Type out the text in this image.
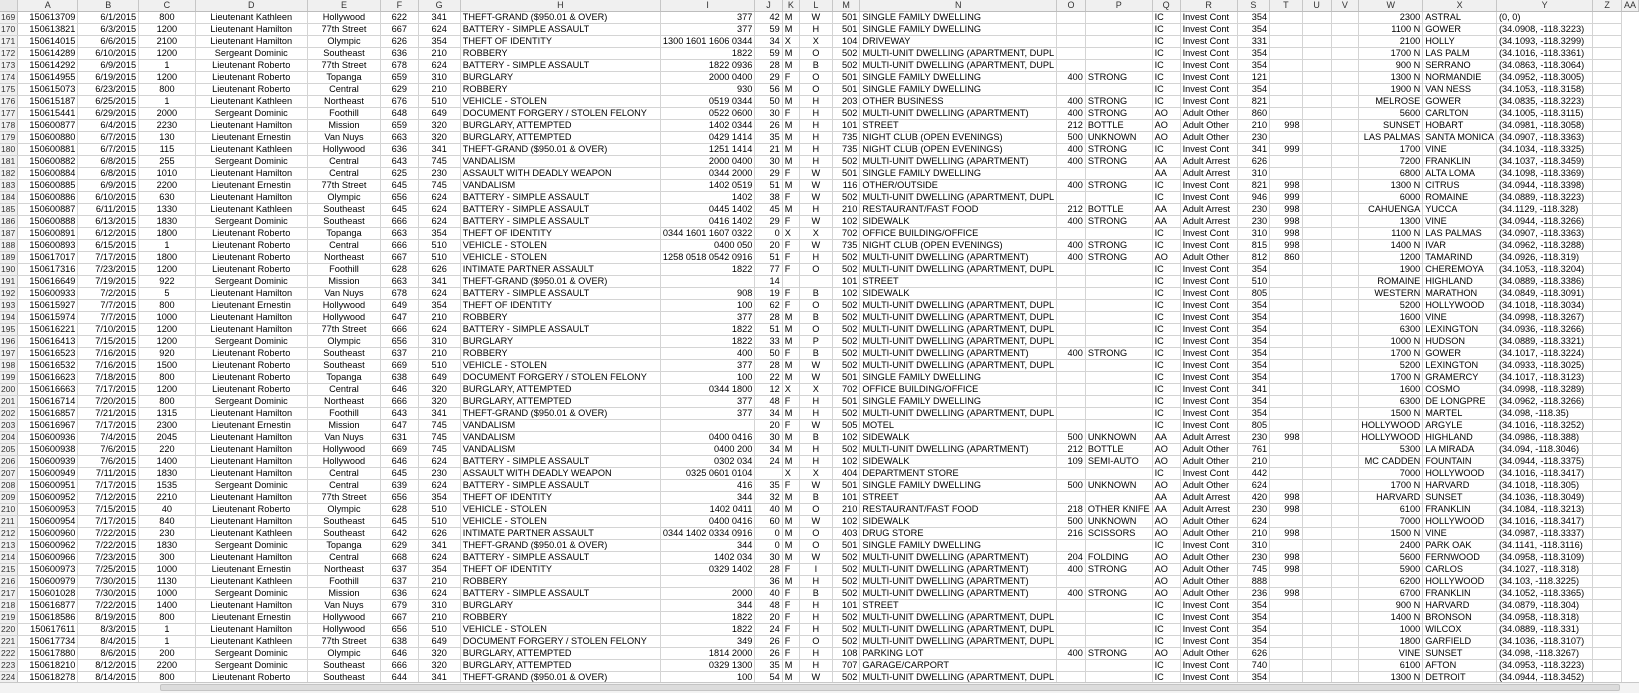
	A	B	C	D	E	F	G	H	I	J	K	L	M	N	O	P	Q	R	S	T	U	V	W	X	Y	Z	AA
169	150613709	6/1/2015	800	Lieutenant Kathleen	Hollywood	622	341	THEFT-GRAND ($950.01 & OVER)	377	42	M	W	501	SINGLE FAMILY DWELLING			IC	Invest Cont	354				2300	ASTRAL	(0, 0)		
170	150613821	6/3/2015	1200	Lieutenant Hamilton	77th Street	667	624	BATTERY - SIMPLE ASSAULT	377	59	M	H	501	SINGLE FAMILY DWELLING			IC	Invest Cont	354				1100 N	GOWER	(34.0908, -118.3223)		
171	150614015	6/6/2015	2100	Lieutenant Hamilton	Olympic	626	354	THEFT OF IDENTITY	1300 1601 1606 0344	34	X	X	104	DRIVEWAY			IC	Invest Cont	331				2100	HOLLY	(34.1093, -118.3299)		
172	150614289	6/10/2015	1200	Sergeant Dominic	Southeast	636	210	ROBBERY	1822	59	M	O	502	MULTI-UNIT DWELLING (APARTMENT, DUPL			IC	Invest Cont	354				1700 N	LAS PALM	(34.1016, -118.3361)		
173	150614292	6/9/2015	1	Lieutenant Roberto	77th Street	678	624	BATTERY - SIMPLE ASSAULT	1822 0936	28	M	B	502	MULTI-UNIT DWELLING (APARTMENT, DUPL			IC	Invest Cont	354				900 N	SERRANO	(34.0863, -118.3064)		
174	150614955	6/19/2015	1200	Lieutenant Roberto	Topanga	659	310	BURGLARY	2000 0400	29	F	O	501	SINGLE FAMILY DWELLING	400	STRONG	IC	Invest Cont	121				1300 N	NORMANDIE	(34.0952, -118.3005)		
175	150615073	6/23/2015	800	Lieutenant Roberto	Central	629	210	ROBBERY	930	56	M	O	501	SINGLE FAMILY DWELLING			IC	Invest Cont	354				1900 N	VAN NESS	(34.1053, -118.3158)		
176	150615187	6/25/2015	1	Lieutenant Kathleen	Northeast	676	510	VEHICLE - STOLEN	0519 0344	50	M	H	203	OTHER BUSINESS	400	STRONG	IC	Invest Cont	821				MELROSE	GOWER	(34.0835, -118.3223)		
177	150615441	6/29/2015	2000	Sergeant Dominic	Foothill	648	649	DOCUMENT FORGERY / STOLEN FELONY	0522 0600	30	F	H	502	MULTI-UNIT DWELLING (APARTMENT)	400	STRONG	AO	Adult Other	860				5600	CARLTON	(34.1005, -118.3115)		
178	150600877	6/4/2015	2230	Lieutenant Hamilton	Mission	659	320	BURGLARY, ATTEMPTED	1402 0344	26	M	H	101	STREET	212	BOTTLE	AO	Adult Other	210	998			SUNSET	HOBART	(34.0981, -118.3058)		
179	150600880	6/7/2015	130	Lieutenant Ernestin	Van Nuys	663	320	BURGLARY, ATTEMPTED	0429 1414	35	M	H	735	NIGHT CLUB (OPEN EVENINGS)	500	UNKNOWN	AO	Adult Other	230				LAS PALMAS	SANTA MONICA	(34.0907, -118.3363)		
180	150600881	6/7/2015	115	Lieutenant Kathleen	Hollywood	636	341	THEFT-GRAND ($950.01 & OVER)	1251 1414	21	M	H	735	NIGHT CLUB (OPEN EVENINGS)	400	STRONG	IC	Invest Cont	341	999			1700	VINE	(34.1034, -118.3325)		
181	150600882	6/8/2015	255	Sergeant Dominic	Central	643	745	VANDALISM	2000 0400	30	M	H	502	MULTI-UNIT DWELLING (APARTMENT)	400	STRONG	AA	Adult Arrest	626				7200	FRANKLIN	(34.1037, -118.3459)		
182	150600884	6/8/2015	1010	Lieutenant Hamilton	Central	625	230	ASSAULT WITH DEADLY WEAPON	0344 2000	29	F	W	501	SINGLE FAMILY DWELLING			AA	Adult Arrest	310				6800	ALTA LOMA	(34.1098, -118.3369)		
183	150600885	6/9/2015	2200	Lieutenant Ernestin	77th Street	645	745	VANDALISM	1402 0519	51	M	W	116	OTHER/OUTSIDE	400	STRONG	IC	Invest Cont	821	998			1300 N	CITRUS	(34.0944, -118.3398)		
184	150600886	6/10/2015	630	Lieutenant Hamilton	Olympic	656	624	BATTERY - SIMPLE ASSAULT	1402	38	F	W	502	MULTI-UNIT DWELLING (APARTMENT, DUPL			IC	Invest Cont	946	999			6000	ROMAINE	(34.0889, -118.3223)		
185	150600887	6/11/2015	1330	Lieutenant Kathleen	Southeast	645	624	BATTERY - SIMPLE ASSAULT	0445 1402	45	M	H	210	RESTAURANT/FAST FOOD	212	BOTTLE	AA	Adult Arrest	230	998			CAHUENGA	YUCCA	(34.1129, -118.328)		
186	150600888	6/13/2015	1830	Sergeant Dominic	Southeast	666	624	BATTERY - SIMPLE ASSAULT	0416 1402	29	F	W	102	SIDEWALK	400	STRONG	AA	Adult Arrest	230	998			1300	VINE	(34.0944, -118.3266)		
187	150600891	6/12/2015	1800	Lieutenant Roberto	Topanga	663	354	THEFT OF IDENTITY	0344 1601 1607 0322	0	X	X	702	OFFICE BUILDING/OFFICE			IC	Invest Cont	310	998			1100 N	LAS PALMAS	(34.0907, -118.3363)		
188	150600893	6/15/2015	1	Lieutenant Roberto	Central	666	510	VEHICLE - STOLEN	0400 050	20	F	W	735	NIGHT CLUB (OPEN EVENINGS)	400	STRONG	IC	Invest Cont	815	998			1400 N	IVAR	(34.0962, -118.3288)		
189	150617017	7/17/2015	1800	Lieutenant Roberto	Northeast	667	510	VEHICLE - STOLEN	1258 0518 0542 0916	51	F	H	502	MULTI-UNIT DWELLING (APARTMENT)	400	STRONG	AO	Adult Other	812	860			1200	TAMARIND	(34.0926, -118.319)		
190	150617316	7/23/2015	1200	Lieutenant Roberto	Foothill	628	626	INTIMATE PARTNER ASSAULT	1822	77	F	O	502	MULTI-UNIT DWELLING (APARTMENT, DUPL			IC	Invest Cont	354				1900	CHEREMOYA	(34.1053, -118.3204)		
191	150616649	7/19/2015	922	Sergeant Dominic	Mission	663	341	THEFT-GRAND ($950.01 & OVER)		14			101	STREET			IC	Invest Cont	510				ROMAINE	HIGHLAND	(34.0889, -118.3386)		
192	150600933	7/2/2015	5	Lieutenant Hamilton	Van Nuys	678	624	BATTERY - SIMPLE ASSAULT	908	19	F	B	102	SIDEWALK			IC	Invest Cont	805				WESTERN	MARATHON	(34.0849, -118.3091)		
193	150615927	7/7/2015	800	Lieutenant Ernestin	Hollywood	649	354	THEFT OF IDENTITY	100	62	F	O	502	MULTI-UNIT DWELLING (APARTMENT, DUPL			IC	Invest Cont	354				5200	HOLLYWOOD	(34.1018, -118.3034)		
194	150615974	7/7/2015	1000	Lieutenant Hamilton	Hollywood	647	210	ROBBERY	377	28	M	B	502	MULTI-UNIT DWELLING (APARTMENT, DUPL			IC	Invest Cont	354				1600	VINE	(34.0998, -118.3267)		
195	150616221	7/10/2015	1200	Lieutenant Hamilton	77th Street	666	624	BATTERY - SIMPLE ASSAULT	1822	51	M	O	502	MULTI-UNIT DWELLING (APARTMENT, DUPL			IC	Invest Cont	354				6300	LEXINGTON	(34.0936, -118.3266)		
196	150616413	7/15/2015	1200	Sergeant Dominic	Olympic	656	310	BURGLARY	1822	33	M	P	502	MULTI-UNIT DWELLING (APARTMENT, DUPL			IC	Invest Cont	354				1000 N	HUDSON	(34.0889, -118.3321)		
197	150616523	7/16/2015	920	Lieutenant Roberto	Southeast	637	210	ROBBERY	400	50	F	B	502	MULTI-UNIT DWELLING (APARTMENT)	400	STRONG	IC	Invest Cont	354				1700 N	GOWER	(34.1017, -118.3224)		
198	150616532	7/16/2015	1500	Lieutenant Roberto	Southeast	669	510	VEHICLE - STOLEN	377	28	M	W	502	MULTI-UNIT DWELLING (APARTMENT, DUPL			IC	Invest Cont	354				5200	LEXINGTON	(34.0933, -118.3025)		
199	150616623	7/18/2015	800	Lieutenant Roberto	Topanga	638	649	DOCUMENT FORGERY / STOLEN FELONY	100	22	M	W	501	SINGLE FAMILY DWELLING			IC	Invest Cont	354				1700 N	GRAMERCY	(34.1017, -118.3123)		
200	150616663	7/17/2015	1200	Lieutenant Roberto	Central	646	320	BURGLARY, ATTEMPTED	0344 1800	12	X	X	702	OFFICE BUILDING/OFFICE			IC	Invest Cont	341				1600	COSMO	(34.0998, -118.3289)		
201	150616714	7/20/2015	800	Sergeant Dominic	Northeast	666	320	BURGLARY, ATTEMPTED	377	48	F	H	501	SINGLE FAMILY DWELLING			IC	Invest Cont	354				6300	DE LONGPRE	(34.0962, -118.3266)		
202	150616857	7/21/2015	1315	Lieutenant Hamilton	Foothill	643	341	THEFT-GRAND ($950.01 & OVER)	377	34	M	H	502	MULTI-UNIT DWELLING (APARTMENT, DUPL			IC	Invest Cont	354				1500 N	MARTEL	(34.098, -118.35)		
203	150616967	7/17/2015	2300	Lieutenant Ernestin	Mission	647	745	VANDALISM		20	F	W	505	MOTEL			IC	Invest Cont	805				HOLLYWOOD	ARGYLE	(34.1016, -118.3252)		
204	150600936	7/4/2015	2045	Lieutenant Hamilton	Van Nuys	631	745	VANDALISM	0400 0416	30	M	B	102	SIDEWALK	500	UNKNOWN	AA	Adult Arrest	230	998			HOLLYWOOD	HIGHLAND	(34.0986, -118.388)		
205	150600938	7/6/2015	220	Lieutenant Hamilton	Hollywood	669	745	VANDALISM	0400 200	34	M	H	502	MULTI-UNIT DWELLING (APARTMENT)	212	BOTTLE	AO	Adult Other	761				5300	LA MIRADA	(34.094, -118.3046)		
206	150600939	7/6/2015	1400	Lieutenant Hamilton	Hollywood	646	624	BATTERY - SIMPLE ASSAULT	0302 034	24	M	H	102	SIDEWALK	109	SEMI-AUTO	AO	Adult Other	210				MC CADDEN	FOUNTAIN	(34.0944, -118.3375)		
207	150600949	7/11/2015	1830	Lieutenant Hamilton	Central	645	230	ASSAULT WITH DEADLY WEAPON	0325 0601 0104		X	X	404	DEPARTMENT STORE			IC	Invest Cont	442				7000	HOLLYWOOD	(34.1016, -118.3417)		
208	150600951	7/17/2015	1535	Sergeant Dominic	Central	639	624	BATTERY - SIMPLE ASSAULT	416	35	F	W	501	SINGLE FAMILY DWELLING	500	UNKNOWN	AO	Adult Other	624				1700 N	HARVARD	(34.1018, -118.305)		
209	150600952	7/12/2015	2210	Lieutenant Hamilton	77th Street	656	354	THEFT OF IDENTITY	344	32	M	B	101	STREET			AA	Adult Arrest	420	998			HARVARD	SUNSET	(34.1036, -118.3049)		
210	150600953	7/15/2015	40	Lieutenant Roberto	Olympic	628	510	VEHICLE - STOLEN	1402 0411	40	M	O	210	RESTAURANT/FAST FOOD	218	OTHER KNIFE	AA	Adult Arrest	230	998			6100	FRANKLIN	(34.1084, -118.3213)		
211	150600954	7/17/2015	840	Lieutenant Hamilton	Southeast	645	510	VEHICLE - STOLEN	0400 0416	60	M	W	102	SIDEWALK	500	UNKNOWN	AO	Adult Other	624				7000	HOLLYWOOD	(34.1016, -118.3417)		
212	150600960	7/22/2015	230	Lieutenant Kathleen	Southeast	642	626	INTIMATE PARTNER ASSAULT	0344 1402 0334 0916	0	M	O	403	DRUG STORE	216	SCISSORS	AO	Adult Other	210	998			1500 N	VINE	(34.0987, -118.3337)		
213	150600962	7/22/2015	1830	Sergeant Dominic	Topanga	629	341	THEFT-GRAND ($950.01 & OVER)	344	0	M	O	501	SINGLE FAMILY DWELLING			IC	Invest Cont	310				2400	PARK OAK	(34.1141, -118.3116)		
214	150600966	7/23/2015	300	Lieutenant Hamilton	Central	668	624	BATTERY - SIMPLE ASSAULT	1402 034	30	M	W	502	MULTI-UNIT DWELLING (APARTMENT)	204	FOLDING	AO	Adult Other	230	998			5600	FERNWOOD	(34.0958, -118.3109)		
215	150600973	7/25/2015	1000	Lieutenant Ernestin	Northeast	637	354	THEFT OF IDENTITY	0329 1402	28	F	I	502	MULTI-UNIT DWELLING (APARTMENT)	400	STRONG	AO	Adult Other	745	998			5900	CARLOS	(34.1027, -118.318)		
216	150600979	7/30/2015	1130	Lieutenant Kathleen	Foothill	637	210	ROBBERY		36	M	H	502	MULTI-UNIT DWELLING (APARTMENT)			AO	Adult Other	888				6200	HOLLYWOOD	(34.103, -118.3225)		
217	150601028	7/30/2015	1000	Sergeant Dominic	Mission	636	624	BATTERY - SIMPLE ASSAULT	2000	40	F	B	502	MULTI-UNIT DWELLING (APARTMENT)	400	STRONG	AO	Adult Other	236	998			6700	FRANKLIN	(34.1052, -118.3365)		
218	150616877	7/22/2015	1400	Lieutenant Hamilton	Van Nuys	679	310	BURGLARY	344	48	F	H	101	STREET			IC	Invest Cont	354				900 N	HARVARD	(34.0879, -118.304)		
219	150618586	8/19/2015	800	Lieutenant Ernestin	Hollywood	667	210	ROBBERY	1822	20	F	H	502	MULTI-UNIT DWELLING (APARTMENT, DUPL			IC	Invest Cont	354				1400 N	BRONSON	(34.0958, -118.318)		
220	150617611	8/3/2015	1	Lieutenant Hamilton	Hollywood	656	510	VEHICLE - STOLEN	1822	24	F	H	502	MULTI-UNIT DWELLING (APARTMENT, DUPL			IC	Invest Cont	354				1000	WILCOX	(34.0889, -118.331)		
221	150617734	8/4/2015	1	Lieutenant Kathleen	77th Street	638	649	DOCUMENT FORGERY / STOLEN FELONY	349	26	F	O	502	MULTI-UNIT DWELLING (APARTMENT, DUPL			IC	Invest Cont	354				1800	GARFIELD	(34.1036, -118.3107)		
222	150617880	8/6/2015	200	Sergeant Dominic	Olympic	646	320	BURGLARY, ATTEMPTED	1814 2000	26	F	H	108	PARKING LOT	400	STRONG	AO	Adult Other	626				VINE	SUNSET	(34.098, -118.3267)		
223	150618210	8/12/2015	2200	Sergeant Dominic	Southeast	666	320	BURGLARY, ATTEMPTED	0329 1300	35	M	H	707	GARAGE/CARPORT			IC	Invest Cont	740				6100	AFTON	(34.0953, -118.3223)		
224	150618278	8/14/2015	800	Lieutenant Roberto	Southeast	644	341	THEFT-GRAND ($950.01 & OVER)	100	54	M	W	502	MULTI-UNIT DWELLING (APARTMENT, DUPL			IC	Invest Cont	354				1300 N	DETROIT	(34.0944, -118.3452)		
